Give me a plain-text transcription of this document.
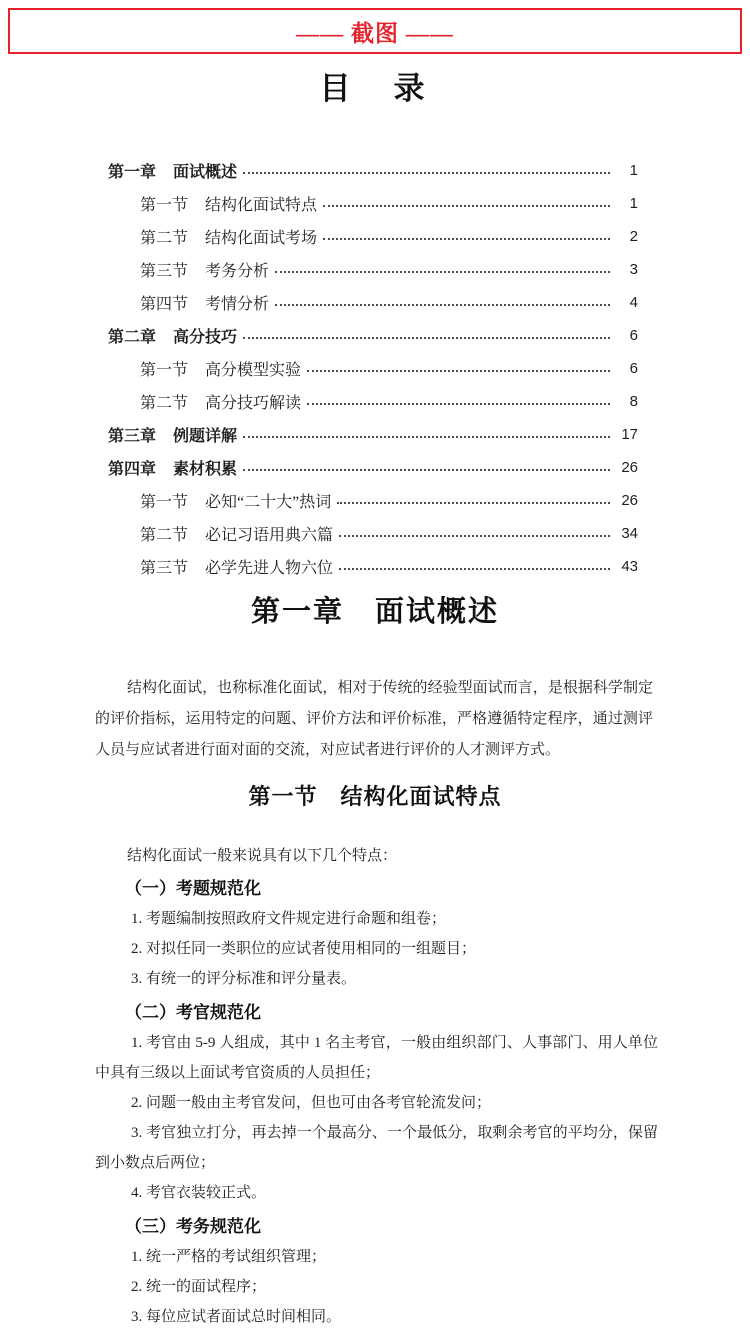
—— 截图 ——
目　录
第一章 面试概述	1
第一节 结构化面试特点	1
第二节 结构化面试考场	2
第三节 考务分析	3
第四节 考情分析	4
第二章 高分技巧	6
第一节 高分模型实验	6
第二节 高分技巧解读	8
第三章 例题详解	17
第四章 素材积累	26
第一节 必知“二十大”热词	26
第二节 必记习语用典六篇	34
第三节 必学先进人物六位	43
第一章　面试概述

结构化面试，也称标准化面试，相对于传统的经验型面试而言，是根据科学制定的评价指标，运用特定的问题、评价方法和评价标准，严格遵循特定程序，通过测评人员与应试者进行面对面的交流，对应试者进行评价的人才测评方式。

第一节　结构化面试特点

结构化面试一般来说具有以下几个特点：

（一）考题规范化

1. 考题编制按照政府文件规定进行命题和组卷；

2. 对拟任同一类职位的应试者使用相同的一组题目；

3. 有统一的评分标准和评分量表。

（二）考官规范化

1. 考官由 5-9 人组成，其中 1 名主考官，一般由组织部门、人事部门、用人单位中具有三级以上面试考官资质的人员担任；

2. 问题一般由主考官发问，但也可由各考官轮流发问；

3. 考官独立打分，再去掉一个最高分、一个最低分，取剩余考官的平均分，保留到小数点后两位；

4. 考官衣装较正式。

（三）考务规范化

1. 统一严格的考试组织管理；

2. 统一的面试程序；

3. 每位应试者面试总时间相同。
